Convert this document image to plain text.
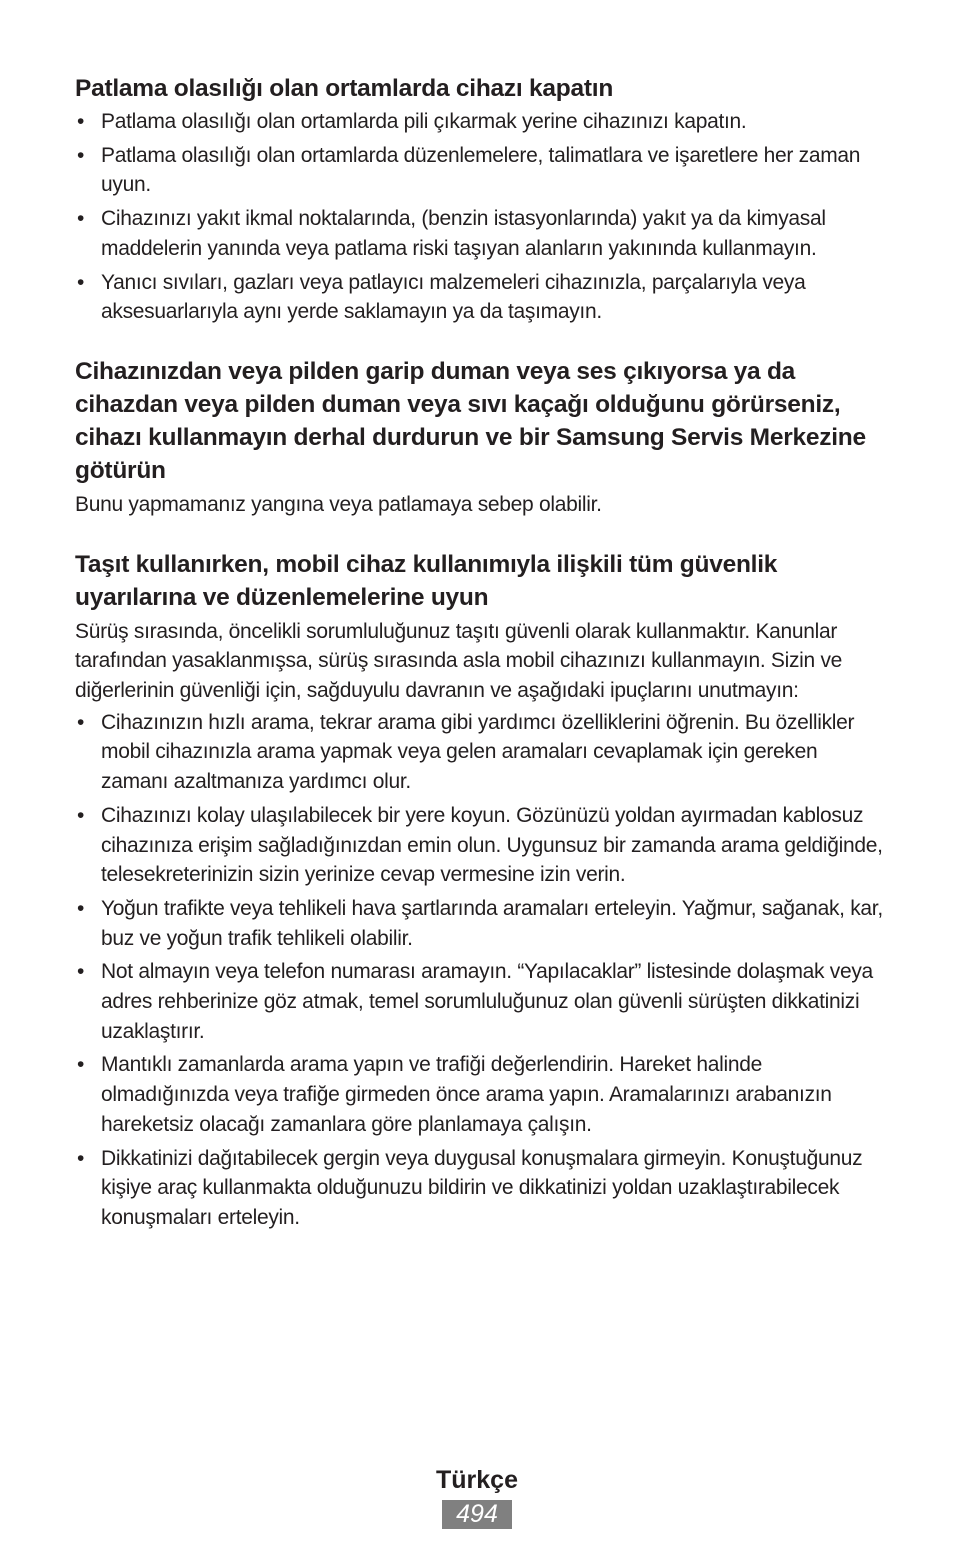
Patlama olasılığı olan ortamlarda cihazı kapatın
• Patlama olasılığı olan ortamlarda pili çıkarmak yerine cihazınızı kapatın.
• Patlama olasılığı olan ortamlarda düzenlemelere, talimatlara ve işaretlere her zaman uyun.
• Cihazınızı yakıt ikmal noktalarında, (benzin istasyonlarında) yakıt ya da kimyasal maddelerin yanında veya patlama riski taşıyan alanların yakınında kullanmayın.
• Yanıcı sıvıları, gazları veya patlayıcı malzemeleri cihazınızla, parçalarıyla veya aksesuarlarıyla aynı yerde saklamayın ya da taşımayın.
Cihazınızdan veya pilden garip duman veya ses çıkıyorsa ya da cihazdan veya pilden duman veya sıvı kaçağı olduğunu görürseniz, cihazı kullanmayın derhal durdurun ve bir Samsung Servis Merkezine götürün

Bunu yapmamanız yangına veya patlamaya sebep olabilir.

Taşıt kullanırken, mobil cihaz kullanımıyla ilişkili tüm güvenlik uyarılarına ve düzenlemelerine uyun

Sürüş sırasında, öncelikli sorumluluğunuz taşıtı güvenli olarak kullanmaktır. Kanunlar tarafından yasaklanmışsa, sürüş sırasında asla mobil cihazınızı kullanmayın. Sizin ve diğerlerinin güvenliği için, sağduyulu davranın ve aşağıdaki ipuçlarını unutmayın:

• Cihazınızın hızlı arama, tekrar arama gibi yardımcı özelliklerini öğrenin. Bu özellikler mobil cihazınızla arama yapmak veya gelen aramaları cevaplamak için gereken zamanı azaltmanıza yardımcı olur.
• Cihazınızı kolay ulaşılabilecek bir yere koyun. Gözünüzü yoldan ayırmadan kablosuz cihazınıza erişim sağladığınızdan emin olun. Uygunsuz bir zamanda arama geldiğinde, telesekreterinizin sizin yerinize cevap vermesine izin verin.
• Yoğun trafikte veya tehlikeli hava şartlarında aramaları erteleyin. Yağmur, sağanak, kar, buz ve yoğun trafik tehlikeli olabilir.
• Not almayın veya telefon numarası aramayın. “Yapılacaklar” listesinde dolaşmak veya adres rehberinize göz atmak, temel sorumluluğunuz olan güvenli sürüşten dikkatinizi uzaklaştırır.
• Mantıklı zamanlarda arama yapın ve trafiği değerlendirin. Hareket halinde olmadığınızda veya trafiğe girmeden önce arama yapın. Aramalarınızı arabanızın hareketsiz olacağı zamanlara göre planlamaya çalışın.
• Dikkatinizi dağıtabilecek gergin veya duygusal konuşmalara girmeyin. Konuştuğunuz kişiye araç kullanmakta olduğunuzu bildirin ve dikkatinizi yoldan uzaklaştırabilecek konuşmaları erteleyin.
Türkçe
494
